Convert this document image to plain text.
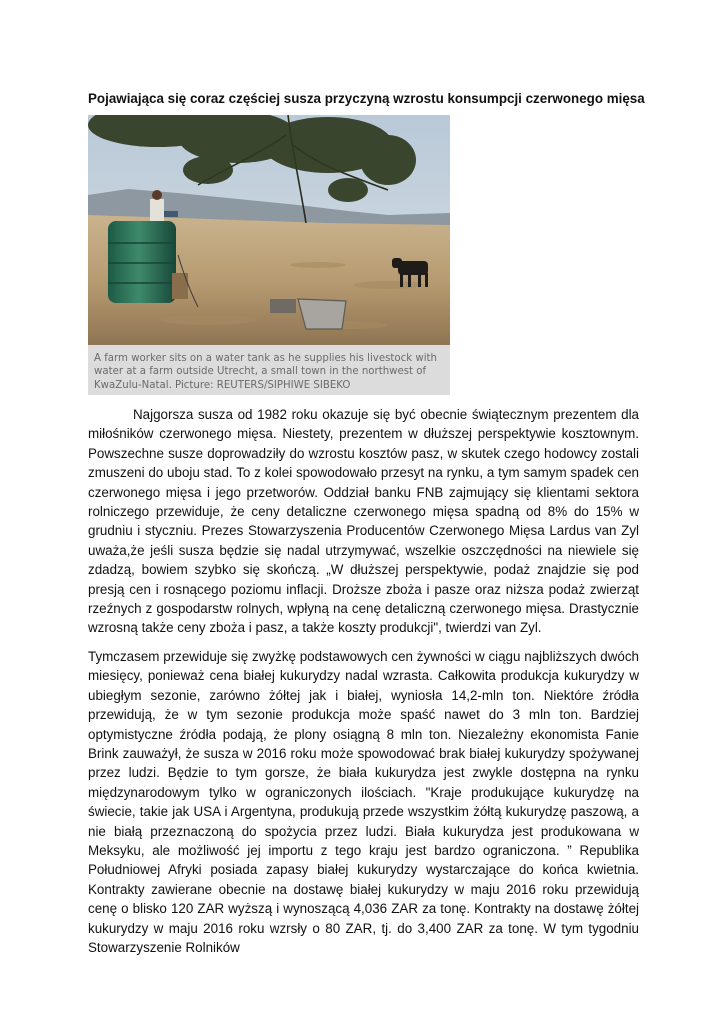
Pojawiająca się coraz częściej susza przyczyną wzrostu konsumpcji czerwonego mięsa
A farm worker sits on a water tank as he supplies his livestock with water at a farm outside Utrecht, a small town in the northwest of KwaZulu-Natal. Picture: REUTERS/SIPHIWE SIBEKO

Najgorsza susza od 1982 roku okazuje się być obecnie świątecznym prezentem dla miłośników czerwonego mięsa. Niestety, prezentem w dłuższej perspektywie kosztownym. Powszechne susze doprowadziły do wzrostu kosztów pasz, w skutek czego hodowcy zostali zmuszeni do uboju stad. To z kolei spowodowało przesyt na rynku, a tym samym spadek cen czerwonego mięsa i jego przetworów. Oddział banku FNB zajmujący się klientami sektora rolniczego przewiduje, że ceny detaliczne czerwonego mięsa spadną od 8% do 15% w grudniu i styczniu. Prezes Stowarzyszenia Producentów Czerwonego Mięsa Lardus van Zyl uważa,że jeśli susza będzie się nadal utrzymywać, wszelkie oszczędności na niewiele się zdadzą, bowiem szybko się skończą. „W dłuższej perspektywie, podaż znajdzie się pod presją cen i rosnącego poziomu inflacji. Droższe zboża i pasze oraz niższa podaż zwierząt rzeźnych z gospodarstw rolnych, wpłyną na cenę detaliczną czerwonego mięsa. Drastycznie wzrosną także ceny zboża i pasz, a także koszty produkcji", twierdzi van Zyl.

Tymczasem przewiduje się zwyżkę podstawowych cen żywności w ciągu najbliższych dwóch miesięcy, ponieważ cena białej kukurydzy nadal wzrasta. Całkowita produkcja kukurydzy w ubiegłym sezonie, zarówno żółtej jak i białej, wyniosła 14,2-mln ton. Niektóre źródła przewidują, że w tym sezonie produkcja może spaść nawet do 3 mln ton. Bardziej optymistyczne źródła podają, że plony osiągną 8 mln ton. Niezależny ekonomista Fanie Brink zauważył, że susza w 2016 roku może spowodować brak białej kukurydzy spożywanej przez ludzi. Będzie to tym gorsze, że biała kukurydza jest zwykle dostępna na rynku międzynarodowym tylko w ograniczonych ilościach. "Kraje produkujące kukurydzę na świecie, takie jak USA i Argentyna, produkują przede wszystkim żółtą kukurydzę paszową, a nie białą przeznaczoną do spożycia przez ludzi. Biała kukurydza jest produkowana w Meksyku, ale możliwość jej importu z tego kraju jest bardzo ograniczona. ” Republika Południowej Afryki posiada zapasy białej kukurydzy wystarczające do końca kwietnia. Kontrakty zawierane obecnie na dostawę białej kukurydzy w maju 2016 roku przewidują cenę o blisko 120 ZAR wyższą i wynoszącą 4,036 ZAR za tonę. Kontrakty na dostawę żółtej kukurydzy w maju 2016 roku wzrsły o 80 ZAR, tj. do 3,400 ZAR za tonę. W tym tygodniu Stowarzyszenie Rolników
